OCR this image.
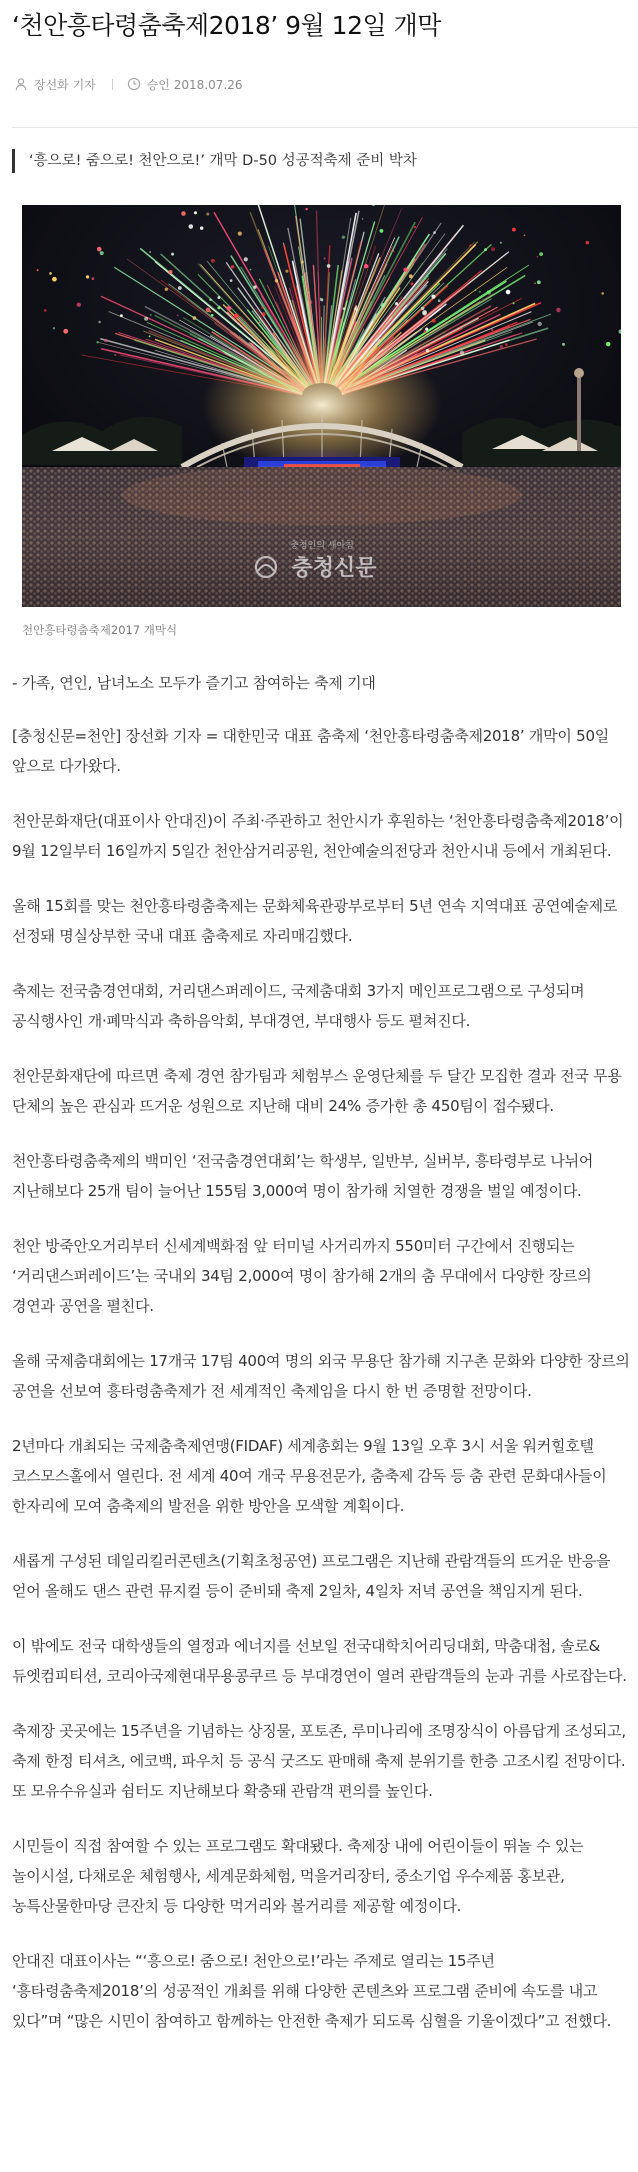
‘천안흥타령춤축제2018’ 9월 12일 개막
장선화 기자	승인 2018.07.26
‘흥으로! 줌으로! 천안으로!’ 개막 D-50 성공적축제 준비 박차
충청인의 새아침
충청신문
천안흥타령춤축제2017 개막식

- 가족, 연인, 남녀노소 모두가 즐기고 참여하는 축제 기대

[충청신문=천안] 장선화 기자 = 대한민국 대표 춤축제 ‘천안흥타령춤축제2018’ 개막이 50일 앞으로 다가왔다.

천안문화재단(대표이사 안대진)이 주최·주관하고 천안시가 후원하는 ‘천안흥타령춤축제2018’이 9월 12일부터 16일까지 5일간 천안삼거리공원, 천안예술의전당과 천안시내 등에서 개최된다.

올해 15회를 맞는 천안흥타령춤축제는 문화체육관광부로부터 5년 연속 지역대표 공연예술제로 선정돼 명실상부한 국내 대표 춤축제로 자리매김했다.

축제는 전국춤경연대회, 거리댄스퍼레이드, 국제춤대회 3가지 메인프로그램으로 구성되며 공식행사인 개·폐막식과 축하음악회, 부대경연, 부대행사 등도 펼쳐진다.

천안문화재단에 따르면 축제 경연 참가팀과 체험부스 운영단체를 두 달간 모집한 결과 전국 무용 단체의 높은 관심과 뜨거운 성원으로 지난해 대비 24% 증가한 총 450팀이 접수됐다.

천안흥타령춤축제의 백미인 ‘전국춤경연대회’는 학생부, 일반부, 실버부, 흥타령부로 나뉘어 지난해보다 25개 팀이 늘어난 155팀 3,000여 명이 참가해 치열한 경쟁을 벌일 예정이다.

천안 방죽안오거리부터 신세계백화점 앞 터미널 사거리까지 550미터 구간에서 진행되는 ‘거리댄스퍼레이드’는 국내외 34팀 2,000여 명이 참가해 2개의 춤 무대에서 다양한 장르의 경연과 공연을 펼친다.

올해 국제춤대회에는 17개국 17팀 400여 명의 외국 무용단 참가해 지구촌 문화와 다양한 장르의 공연을 선보여 흥타령춤축제가 전 세계적인 축제임을 다시 한 번 증명할 전망이다.

2년마다 개최되는 국제춤축제연맹(FIDAF) 세계총회는 9월 13일 오후 3시 서울 워커힐호텔 코스모스홀에서 열린다. 전 세계 40여 개국 무용전문가, 춤축제 감독 등 춤 관련 문화대사들이 한자리에 모여 춤축제의 발전을 위한 방안을 모색할 계획이다.

새롭게 구성된 데일리킬러콘텐츠(기획초청공연) 프로그램은 지난해 관람객들의 뜨거운 반응을 얻어 올해도 댄스 관련 뮤지컬 등이 준비돼 축제 2일차, 4일차 저녁 공연을 책임지게 된다.

이 밖에도 전국 대학생들의 열정과 에너지를 선보일 전국대학치어리딩대회, 막춤대첩, 솔로&듀엣컴피티션, 코리아국제현대무용콩쿠르 등 부대경연이 열려 관람객들의 눈과 귀를 사로잡는다.

축제장 곳곳에는 15주년을 기념하는 상징물, 포토존, 루미나리에 조명장식이 아름답게 조성되고, 축제 한정 티셔츠, 에코백, 파우치 등 공식 굿즈도 판매해 축제 분위기를 한층 고조시킬 전망이다. 또 모유수유실과 쉼터도 지난해보다 확충돼 관람객 편의를 높인다.

시민들이 직접 참여할 수 있는 프로그램도 확대됐다. 축제장 내에 어린이들이 뛰놀 수 있는 놀이시설, 다채로운 체험행사, 세계문화체험, 먹을거리장터, 중소기업 우수제품 홍보관, 농특산물한마당 큰잔치 등 다양한 먹거리와 볼거리를 제공할 예정이다.

안대진 대표이사는 “‘흥으로! 줌으로! 천안으로!’라는 주제로 열리는 15주년 ‘흥타령춤축제2018’의 성공적인 개최를 위해 다양한 콘텐츠와 프로그램 준비에 속도를 내고 있다”며 “많은 시민이 참여하고 함께하는 안전한 축제가 되도록 심혈을 기울이겠다”고 전했다.
